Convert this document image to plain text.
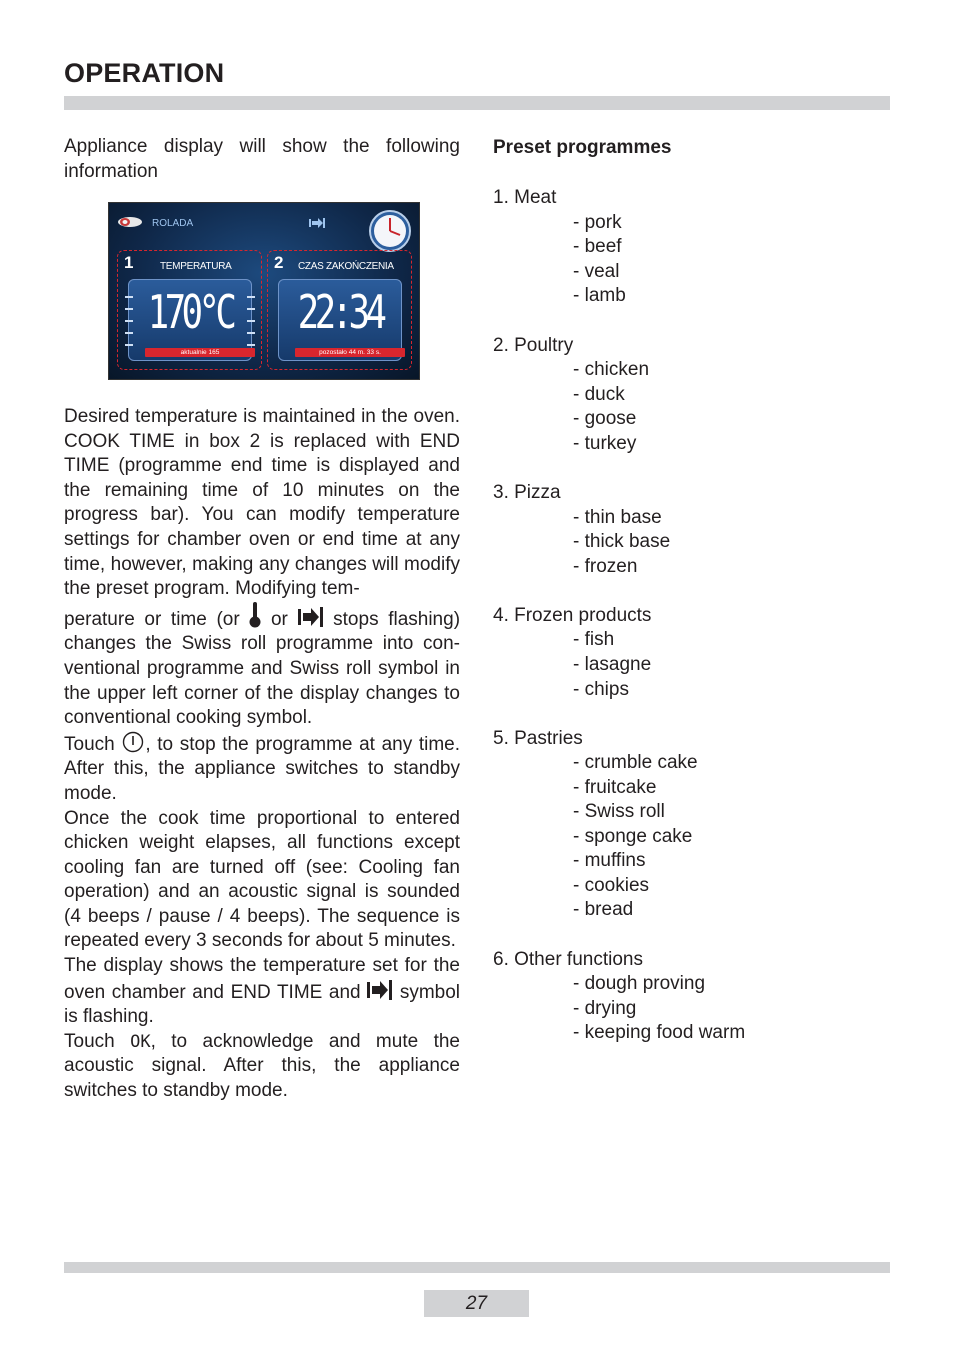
OPERATION
Appliance display will show the following information
ROLADA
1	TEMPERATURA
170°C
aktualnie 165
2 CZAS ZAKOŃCZENIA
22:34
pozostało 44 m. 33 s.

Desired temperature is maintained in the oven. COOK TIME in box 2 is replaced with END TIME (programme end time is displayed and the remaining time of 10 minutes on the progress bar). You can modify temperature settings for chamber oven or end time at any time, however, making any changes will modify the preset program. Modifying tem-

perature or time (or or stops flashing) changes the Swiss roll programme into con-ventional programme and Swiss roll symbol in the upper left corner of the display changes to conventional cooking symbol.

Touch , to stop the programme at any time. After this, the appliance switches to standby mode.

Once the cook time proportional to entered chicken weight elapses, all functions except cooling fan are turned off (see: Cooling fan operation) and an acoustic signal is sounded (4 beeps / pause / 4 beeps). The sequence is repeated every 3 seconds for about 5 minutes.

The display shows the temperature set for the oven chamber and END TIME and symbol is flashing.

Touch OK, to acknowledge and mute the acoustic signal. After this, the appliance switches to standby mode.

Preset programmes
1. Meat
- pork
- beef
- veal
- lamb
2. Poultry
- chicken
- duck
- goose
- turkey
3. Pizza
- thin base
- thick base
- frozen
4. Frozen products
- fish
- lasagne
- chips
5. Pastries
- crumble cake
- fruitcake
- Swiss roll
- sponge cake
- muffins
- cookies
- bread
6. Other functions
- dough proving
- drying
- keeping food warm
27
